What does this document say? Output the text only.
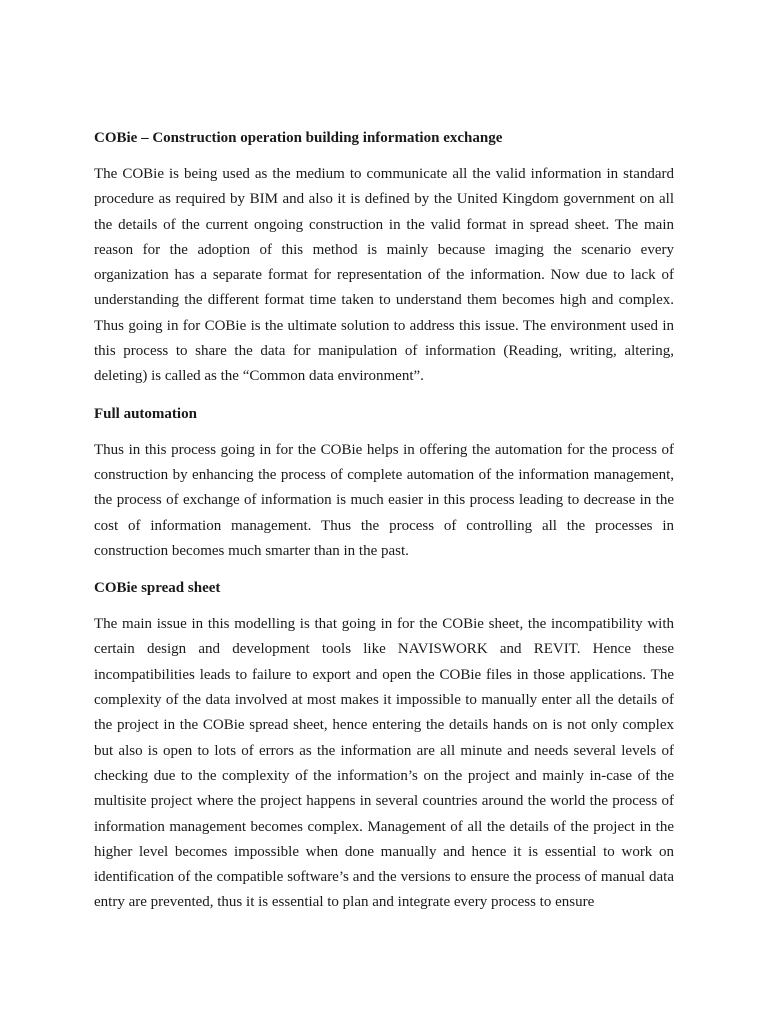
COBie – Construction operation building information exchange

The COBie is being used as the medium to communicate all the valid information in standard procedure as required by BIM and also it is defined by the United Kingdom government on all the details of the current ongoing construction in the valid format in spread sheet. The main reason for the adoption of this method is mainly because imaging the scenario every organization has a separate format for representation of the information. Now due to lack of understanding the different format time taken to understand them becomes high and complex. Thus going in for COBie is the ultimate solution to address this issue. The environment used in this process to share the data for manipulation of information (Reading, writing, altering, deleting) is called as the “Common data environment”.

Full automation

Thus in this process going in for the COBie helps in offering the automation for the process of construction by enhancing the process of complete automation of the information management, the process of exchange of information is much easier in this process leading to decrease in the cost of information management. Thus the process of controlling all the processes in construction becomes much smarter than in the past.

COBie spread sheet

The main issue in this modelling is that going in for the COBie sheet, the incompatibility with certain design and development tools like NAVISWORK and REVIT. Hence these incompatibilities leads to failure to export and open the COBie files in those applications. The complexity of the data involved at most makes it impossible to manually enter all the details of the project in the COBie spread sheet, hence entering the details hands on is not only complex but also is open to lots of errors as the information are all minute and needs several levels of checking due to the complexity of the information’s on the project and mainly in-case of the multisite project where the project happens in several countries around the world the process of information management becomes complex. Management of all the details of the project in the higher level becomes impossible when done manually and hence it is essential to work on identification of the compatible software’s and the versions to ensure the process of manual data entry are prevented, thus it is essential to plan and integrate every process to ensure
